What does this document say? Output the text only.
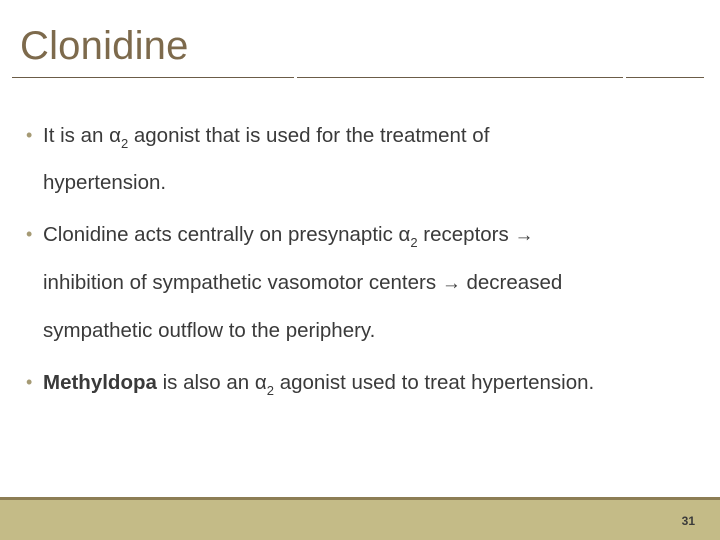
Clonidine
• It is an $\alpha_2$ agonist that is used for the treatment of
hypertension.
• Clonidine acts centrally on presynaptic $\alpha_2$ receptors →
inhibition of sympathetic vasomotor centers → decreased
sympathetic outflow to the periphery.
• Methyldopa is also an $\alpha_2$ agonist used to treat hypertension.
31
